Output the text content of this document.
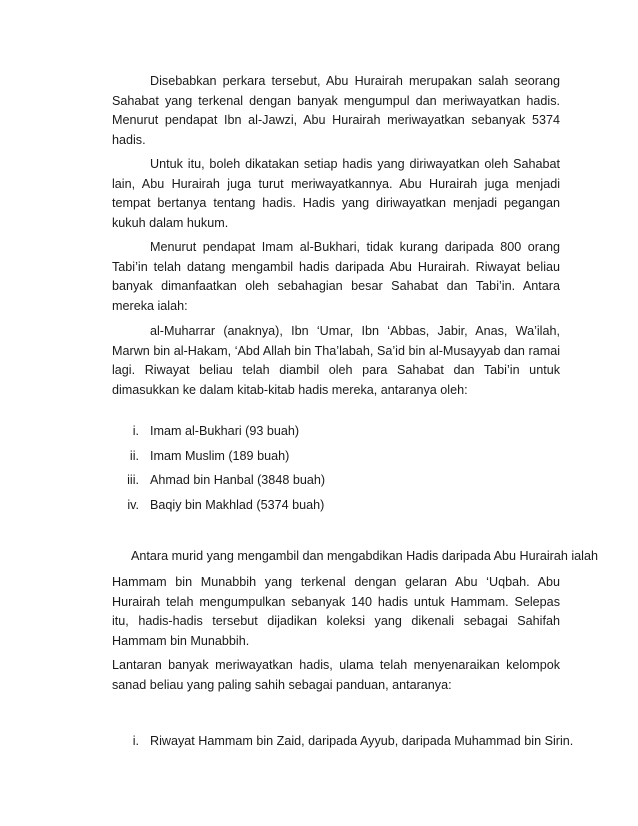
Disebabkan perkara tersebut, Abu Hurairah merupakan salah seorang Sahabat yang terkenal dengan banyak mengumpul dan meriwayatkan hadis. Menurut pendapat Ibn al-Jawzi, Abu Hurairah meriwayatkan sebanyak 5374 hadis.

Untuk itu, boleh dikatakan setiap hadis yang diriwayatkan oleh Sahabat lain, Abu Hurairah juga turut meriwayatkannya. Abu Hurairah juga menjadi tempat bertanya tentang hadis. Hadis yang diriwayatkan menjadi pegangan kukuh dalam hukum.

Menurut pendapat Imam al-Bukhari, tidak kurang daripada 800 orang Tabi’in telah datang mengambil hadis daripada Abu Hurairah. Riwayat beliau banyak dimanfaatkan oleh sebahagian besar Sahabat dan Tabi’in. Antara mereka ialah:

al-Muharrar (anaknya), Ibn ‘Umar, Ibn ‘Abbas, Jabir, Anas, Wa’ilah, Marwn bin al-Hakam, ‘Abd Allah bin Tha’labah, Sa’id bin al-Musayyab dan ramai lagi. Riwayat beliau telah diambil oleh para Sahabat dan Tabi’in untuk dimasukkan ke dalam kitab-kitab hadis mereka, antaranya oleh:

i. Imam al-Bukhari (93 buah)
ii. Imam Muslim (189 buah)
iii. Ahmad bin Hanbal (3848 buah)
iv. Baqiy bin Makhlad (5374 buah)

Antara murid yang mengambil dan mengabdikan Hadis daripada Abu Hurairah ialah

Hammam bin Munabbih yang terkenal dengan gelaran Abu ‘Uqbah. Abu Hurairah telah mengumpulkan sebanyak 140 hadis untuk Hammam. Selepas itu, hadis-hadis tersebut dijadikan koleksi yang dikenali sebagai Sahifah Hammam bin Munabbih.

Lantaran banyak meriwayatkan hadis, ulama telah menyenaraikan kelompok sanad beliau yang paling sahih sebagai panduan, antaranya:

i. Riwayat Hammam bin Zaid, daripada Ayyub, daripada Muhammad bin Sirin.
